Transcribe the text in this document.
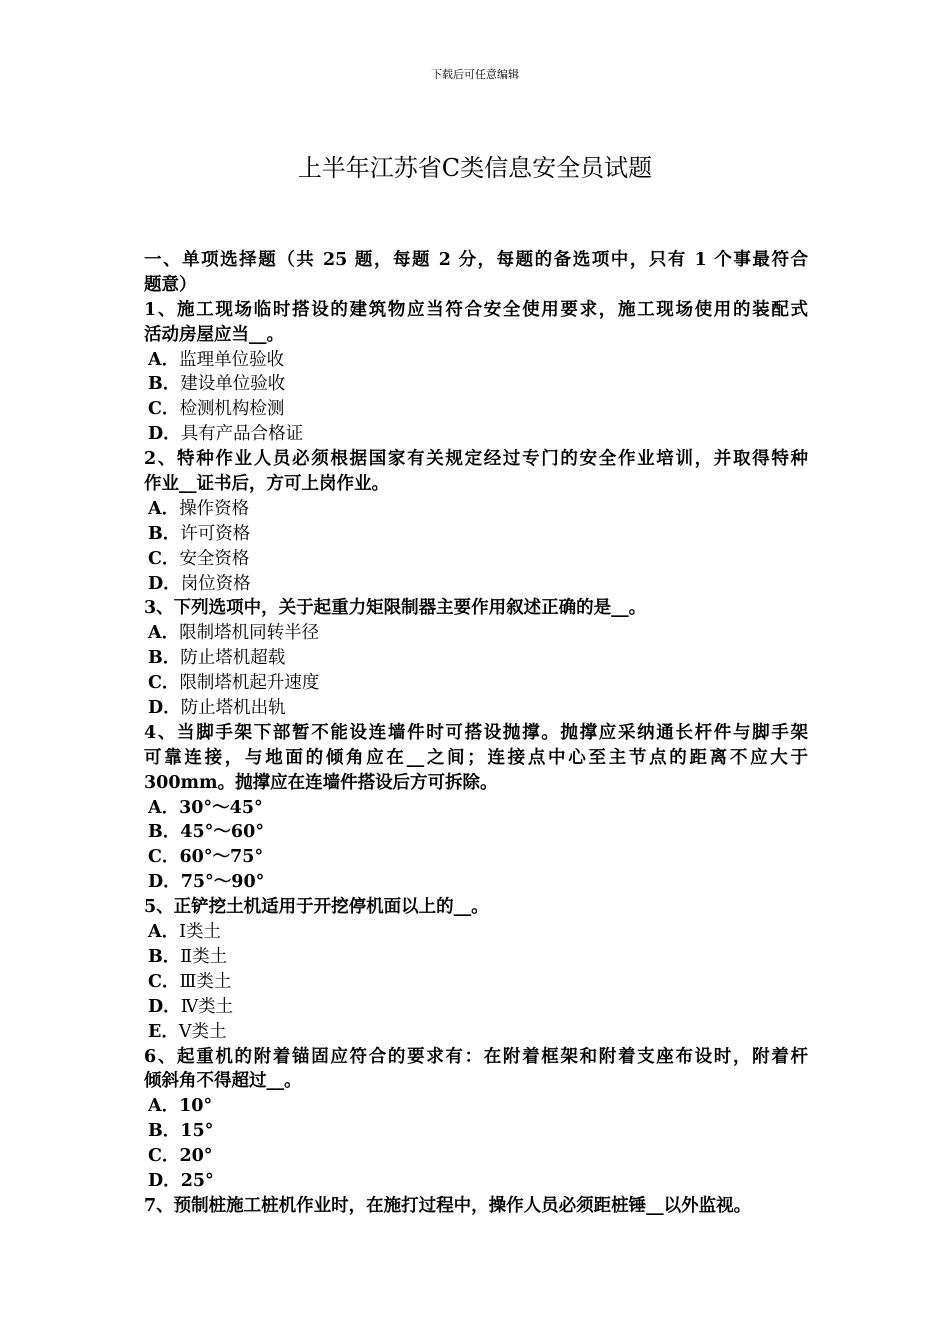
下载后可任意编辑
上半年江苏省C类信息安全员试题
一、单项选择题（共 25 题，每题 2 分，每题的备选项中，只有 1 个事最符合
题意）
1、施工现场临时搭设的建筑物应当符合安全使用要求，施工现场使用的装配式
活动房屋应当__。
A．监理单位验收
B．建设单位验收
C．检测机构检测
D．具有产品合格证
2、特种作业人员必须根据国家有关规定经过专门的安全作业培训，并取得特种
作业__证书后，方可上岗作业。
A．操作资格
B．许可资格
C．安全资格
D．岗位资格
3、下列选项中，关于起重力矩限制器主要作用叙述正确的是__。
A．限制塔机同转半径
B．防止塔机超载
C．限制塔机起升速度
D．防止塔机出轨
4、当脚手架下部暂不能设连墙件时可搭设抛撑。抛撑应采纳通长杆件与脚手架
可靠连接，与地面的倾角应在__之间；连接点中心至主节点的距离不应大于
300mm。抛撑应在连墙件搭设后方可拆除。
A．30°～45°
B．45°～60°
C．60°～75°
D．75°～90°
5、正铲挖土机适用于开挖停机面以上的__。
A．Ⅰ类土
B．Ⅱ类土
C．Ⅲ类土
D．Ⅳ类土
E．Ⅴ类土
6、起重机的附着锚固应符合的要求有：在附着框架和附着支座布设时，附着杆
倾斜角不得超过__。
A．10°
B．15°
C．20°
D．25°
7、预制桩施工桩机作业时，在施打过程中，操作人员必须距桩锤__以外监视。
